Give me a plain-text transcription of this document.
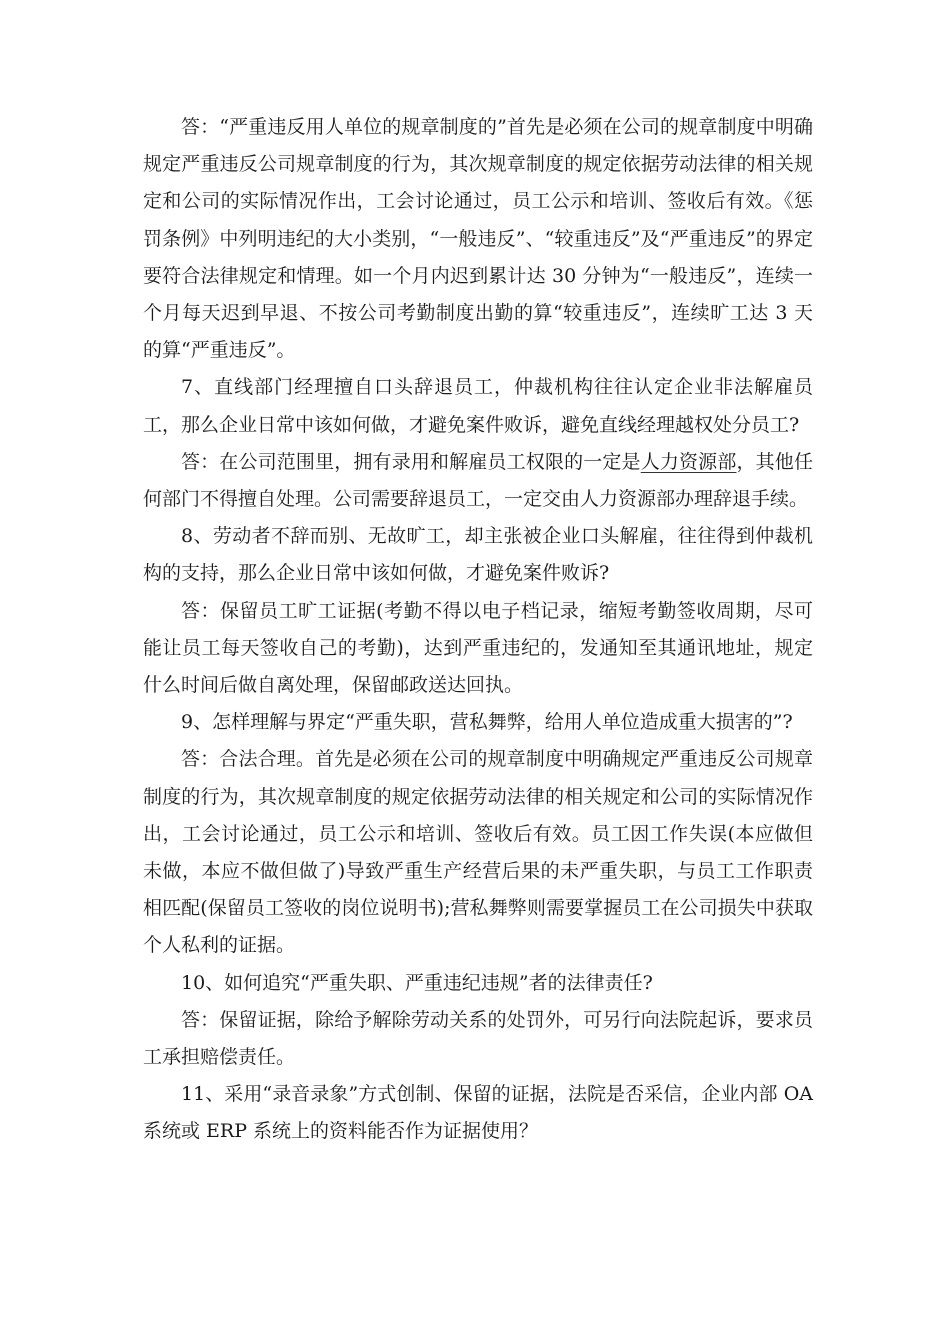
答：“严重违反用人单位的规章制度的”首先是必须在公司的规章制度中明确规定严重违反公司规章制度的行为，其次规章制度的规定依据劳动法律的相关规定和公司的实际情况作出，工会讨论通过，员工公示和培训、签收后有效。《惩罚条例》中列明违纪的大小类别，“一般违反”、“较重违反”及“严重违反”的界定要符合法律规定和情理。如一个月内迟到累计达 30 分钟为“一般违反”，连续一个月每天迟到早退、不按公司考勤制度出勤的算“较重违反”，连续旷工达 3 天的算“严重违反”。

7、直线部门经理擅自口头辞退员工，仲裁机构往往认定企业非法解雇员工，那么企业日常中该如何做，才避免案件败诉，避免直线经理越权处分员工?

答：在公司范围里，拥有录用和解雇员工权限的一定是人力资源部，其他任何部门不得擅自处理。公司需要辞退员工，一定交由人力资源部办理辞退手续。

8、劳动者不辞而别、无故旷工，却主张被企业口头解雇，往往得到仲裁机构的支持，那么企业日常中该如何做，才避免案件败诉?

答：保留员工旷工证据(考勤不得以电子档记录，缩短考勤签收周期，尽可能让员工每天签收自己的考勤)，达到严重违纪的，发通知至其通讯地址，规定什么时间后做自离处理，保留邮政送达回执。

9、怎样理解与界定“严重失职，营私舞弊，给用人单位造成重大损害的”?

答：合法合理。首先是必须在公司的规章制度中明确规定严重违反公司规章制度的行为，其次规章制度的规定依据劳动法律的相关规定和公司的实际情况作出，工会讨论通过，员工公示和培训、签收后有效。员工因工作失误(本应做但未做，本应不做但做了)导致严重生产经营后果的未严重失职，与员工工作职责相匹配(保留员工签收的岗位说明书);营私舞弊则需要掌握员工在公司损失中获取个人私利的证据。

10、如何追究“严重失职、严重违纪违规”者的法律责任?

答：保留证据，除给予解除劳动关系的处罚外，可另行向法院起诉，要求员工承担赔偿责任。

11、采用“录音录象”方式创制、保留的证据，法院是否采信，企业内部 OA 系统或 ERP 系统上的资料能否作为证据使用？
